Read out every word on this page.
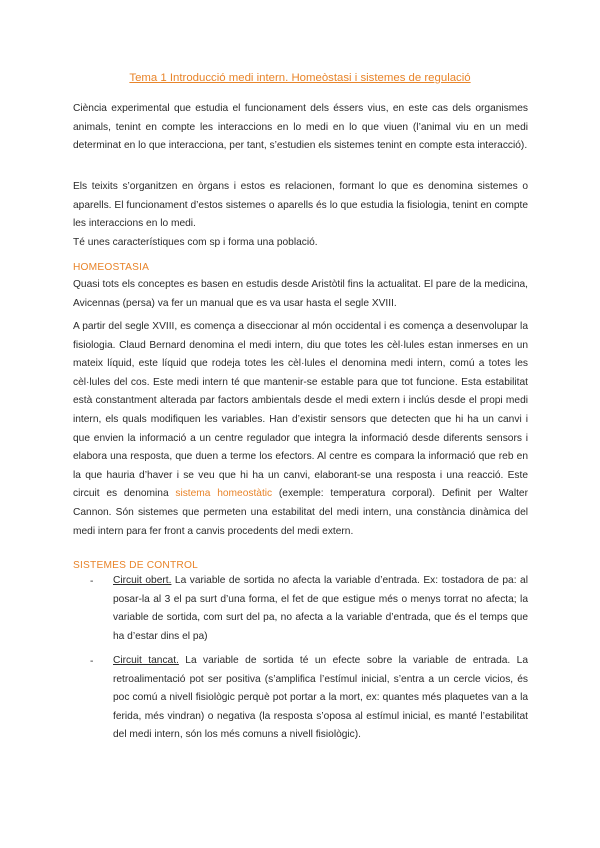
Tema 1 Introducció medi intern. Homeòstasi i sistemes de regulació

Ciència experimental que estudia el funcionament dels éssers vius, en este cas dels organismes animals, tenint en compte les interaccions en lo medi en lo que viuen (l’animal viu en un medi determinat en lo que interacciona, per tant, s’estudien els sistemes tenint en compte esta interacció).

Els teixits s’organitzen en òrgans i estos es relacionen, formant lo que es denomina sistemes o aparells. El funcionament d’estos sistemes o aparells és lo que estudia la fisiologia, tenint en compte les interaccions en lo medi.

Té unes característiques com sp i forma una població.

HOMEOSTASIA

Quasi tots els conceptes es basen en estudis desde Aristòtil fins la actualitat. El pare de la medicina, Avicennas (persa) va fer un manual que es va usar hasta el segle XVIII.

A partir del segle XVIII, es comença a diseccionar al món occidental i es comença a desenvolupar la fisiologia. Claud Bernard denomina el medi intern, diu que totes les cèl·lules estan inmerses en un mateix líquid, este líquid que rodeja totes les cèl·lules el denomina medi intern, comú a totes les cèl·lules del cos. Este medi intern té que mantenir-se estable para que tot funcione. Esta estabilitat està constantment alterada par factors ambientals desde el medi extern i inclús desde el propi medi intern, els quals modifiquen les variables. Han d’existir sensors que detecten que hi ha un canvi i que envien la informació a un centre regulador que integra la informació desde diferents sensors i elabora una resposta, que duen a terme los efectors. Al centre es compara la informació que reb en la que hauria d’haver i se veu que hi ha un canvi, elaborant-se una resposta i una reacció. Este circuit es denomina sistema homeostàtic (exemple: temperatura corporal). Definit per Walter Cannon. Són sistemes que permeten una estabilitat del medi intern, una constància dinàmica del medi intern para fer front a canvis procedents del medi extern.

SISTEMES DE CONTROL

- Circuit obert. La variable de sortida no afecta la variable d’entrada. Ex: tostadora de pa: al posar-la al 3 el pa surt d’una forma, el fet de que estigue més o menys torrat no afecta; la variable de sortida, com surt del pa, no afecta a la variable d’entrada, que és el temps que ha d’estar dins el pa)

- Circuit tancat. La variable de sortida té un efecte sobre la variable de entrada. La retroalimentació pot ser positiva (s’amplifica l’estímul inicial, s’entra a un cercle vicios, és poc comú a nivell fisiològic perquè pot portar a la mort, ex: quantes més plaquetes van a la ferida, més vindran) o negativa (la resposta s’oposa al estímul inicial, es manté l’estabilitat del medi intern, són los més comuns a nivell fisiològic).
